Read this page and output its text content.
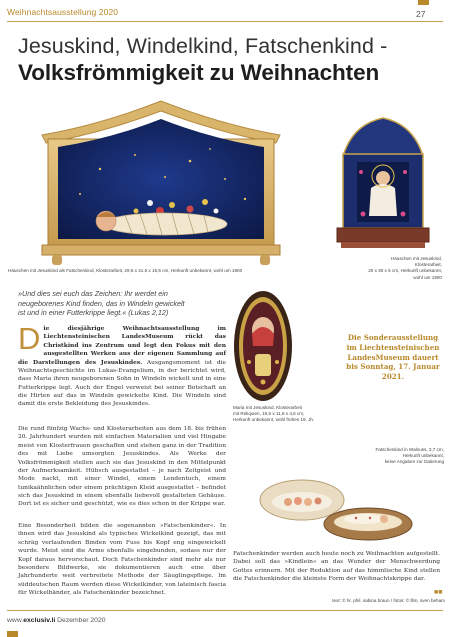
Weihnachtsausstellung 2020	27
Jesuskind, Windelkind, Fatschenkind -
Volksfrömmigkeit zu Weihnachten
Häuschen mit Jesuskind als Fatschenkind, Klosterarbeit, 29,5 x 41,5 x 16,5 cm, Herkunft unbekannt, wohl um 1900
Häuschen mit Jesuskind, Klosterarbeit,
20 x 30 x 5 cm, Herkunft unbekannt,
wohl um 1900
»Und dies sei euch das Zeichen: Ihr werdet ein
neugeborenes Kind finden, das in Windeln gewickelt
ist und in einer Futterkrippe liegt.« (Lukas 2,12)
Die diesjährige Weihnachtsausstellung im Liechtensteinischen LandesMuseum rückt das Christkind ins Zentrum und legt den Fokus mit den ausgestellten Werken aus der eigenen Sammlung auf die Darstellungen des Jesuskindes. Ausgangsmoment ist die Weihnachtsgeschichte im Lukas-Evangelium, in der berichtet wird, dass Maria ihren neugeborenen Sohn in Windeln wickelt und in eine Futterkrippe legt. Auch der Engel verweist bei seiner Botschaft an die Hirten auf das in Windeln gewickelte Kind. Die Windeln sind damit die erste Bekleidung des Jesuskindes.
Maria mit Jesuskind, Klosterarbeit
mit Reliquien, 19,5 x 11,8 x 4,5 cm,
Herkunft unbekannt, wohl frühes 19. Jh.
Die Sonderausstellung im Liechtensteinischen LandesMuseum dauert bis Sonntag, 17. Januar 2021.
Fatschenkind in Walnuss, 3,7 cm,
Herkunft unbekannt,
keine Angaben zur Datierung
Die rund fünfzig Wachs- und Klosterarbeiten aus dem 18. bis frühen 20. Jahrhundert wurden mit einfachen Materialien und viel Hingabe meist von Klosterfrauen geschaffen und stehen ganz in der Tradition des mit Liebe umsorgten Jesuskindes. Als Werke der Volksfrömmigkeit stellen auch sie das Jesuskind in den Mittelpunkt der Aufmerksamkeit. Hübsch ausgestattet – je nach Zeitgeist und Mode nackt, mit einer Windel, einem Lendentuch, einem tunikaähnlichen oder einem prächtigen Kleid ausgestattet – befindet sich das Jesuskind in einem ebenfalls liebevoll gestalteten Gehäuse. Dort ist es sicher und geschützt, wie es dies schon in der Krippe war.
Eine Besonderheit bilden die sogenannten »Fatschenkinder«. In ihnen wird das Jesuskind als typisches Wickelkind gezeigt, das mit schräg verlaufenden Binden vom Fuss bis Kopf eng eingewickelt wurde. Meist sind die Arme ebenfalls eingebunden, sodass nur der Kopf daraus hervorschaut. Doch Fatschenkinder sind mehr als nur besondere Bildwerke, sie dokumentieren auch eine über Jahrhunderte weit verbreitete Methode der Säuglingspflege. Im süddeutschen Raum werden diese Wickelkinder, von lateinisch fascia für Wickelbänder, als Fatschenkinder bezeichnet.
Fatschenkinder werden auch heute noch zu Weihnachten aufgestellt. Dabei soll das »Kindlein« an das Wunder der Menschwerdung Gottes erinnern. Mit der Reduktion auf das himmlische Kind stellen die Fatschenkinder die kleinste Form der Weihnachtskrippe dar.
■■
text: © hr. phil. sabina braun / fotos: © lllm, sven beham
www.exclusiv.li Dezember 2020
